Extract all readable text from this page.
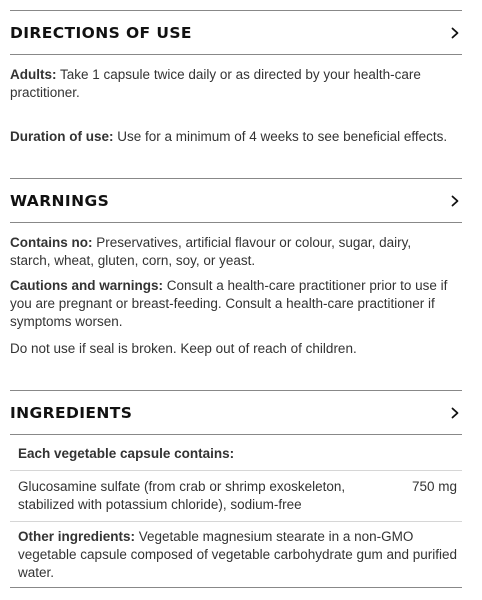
DIRECTIONS OF USE
Adults: Take 1 capsule twice daily or as directed by your health-care practitioner.
Duration of use: Use for a minimum of 4 weeks to see beneficial effects.
WARNINGS
Contains no: Preservatives, artificial flavour or colour, sugar, dairy, starch, wheat, gluten, corn, soy, or yeast.
Cautions and warnings: Consult a health-care practitioner prior to use if you are pregnant or breast-feeding. Consult a health-care practitioner if symptoms worsen.
Do not use if seal is broken. Keep out of reach of children.
INGREDIENTS
Each vegetable capsule contains:
Glucosamine sulfate (from crab or shrimp exoskeleton, stabilized with potassium chloride), sodium-free
750 mg
Other ingredients: Vegetable magnesium stearate in a non-GMO vegetable capsule composed of vegetable carbohydrate gum and purified water.
